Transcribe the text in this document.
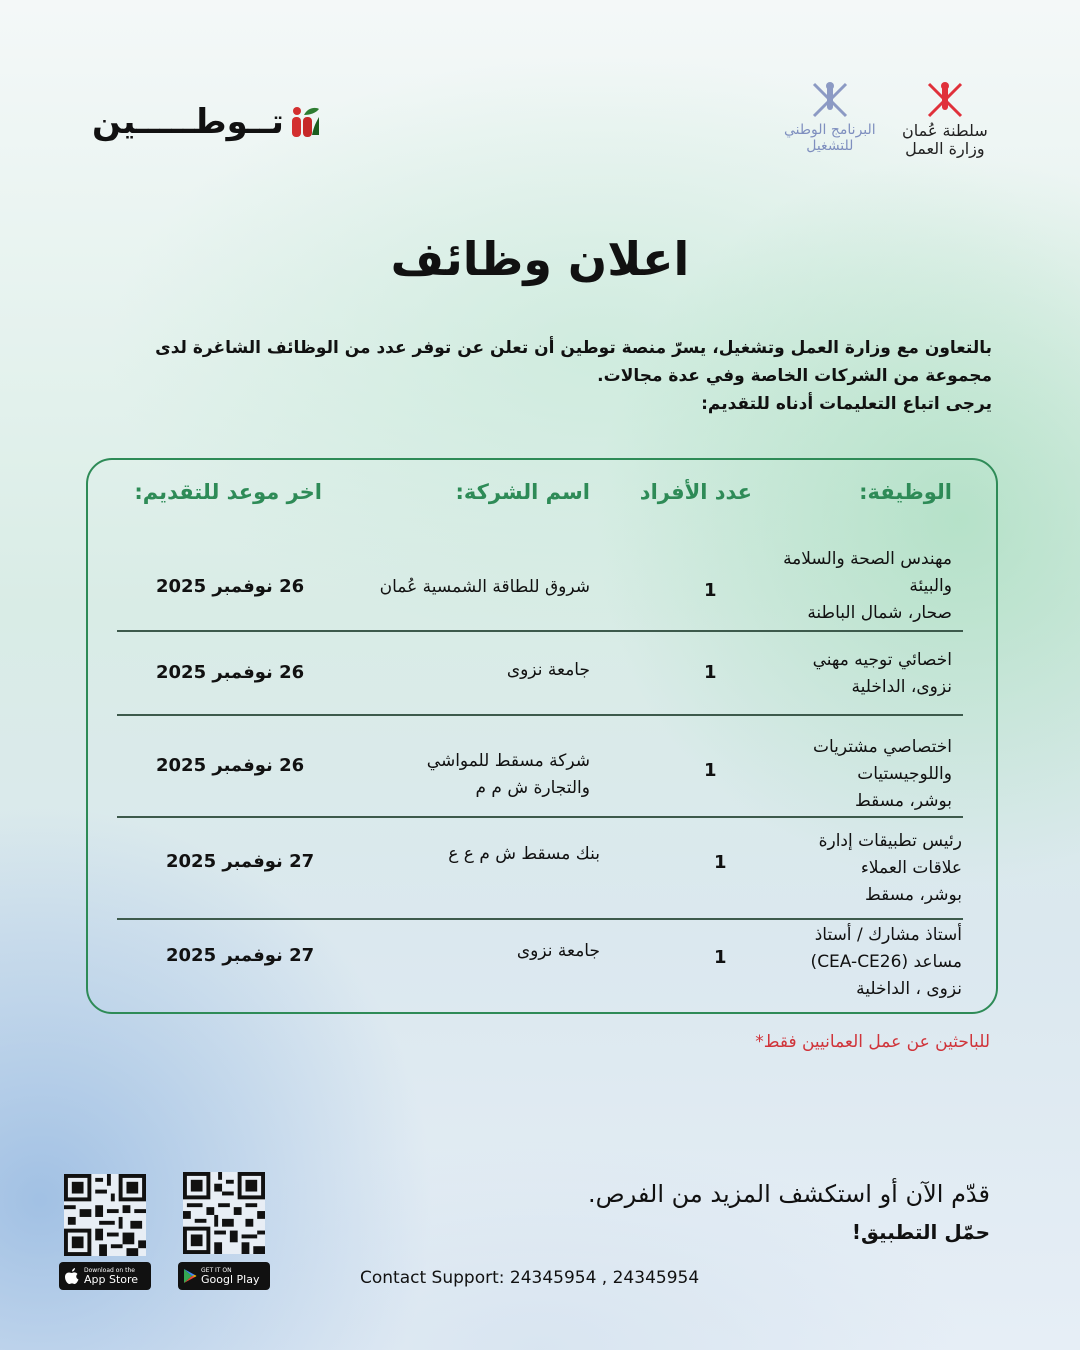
تــوطـــــين	سلطنة عُمان
وزارة العمل
البرنامج الوطني
للتشغيل
اعلان وظائف

بالتعاون مع وزارة العمل وتشغيل، يسرّ منصة توطين أن تعلن عن توفر عدد من الوظائف الشاغرة لدى مجموعة من الشركات الخاصة وفي عدة مجالات.

يرجى اتباع التعليمات أدناه للتقديم:

الوظيفة:
عدد الأفراد
اسم الشركة:
اخر موعد للتقديم:
مهندس الصحة والسلامة
والبيئة
صحار، شمال الباطنة
1
شروق للطاقة الشمسية عُمان
26 نوفمبر 2025
اخصائي توجيه مهني
نزوى، الداخلية
1
جامعة نزوى
26 نوفمبر 2025
اختصاصي مشتريات
واللوجيستيات
بوشر، مسقط
1
شركة مسقط للمواشي
والتجارة ش م م
26 نوفمبر 2025
رئيس تطبيقات إدارة
علاقات العملاء
بوشر، مسقط
1
بنك مسقط ش م ع ع
27 نوفمبر 2025
أستاذ مشارك / أستاذ
مساعد (CEA-CE26)
نزوى ، الداخلية
1
جامعة نزوى
27 نوفمبر 2025
للباحثين عن عمل العمانيين فقط*
Download on the
App Store
GET IT ON
Googl Play
قدّم الآن أو استكشف المزيد من الفرص.
حمّل التطبيق!
Contact Support: 24345954 , 24345954
